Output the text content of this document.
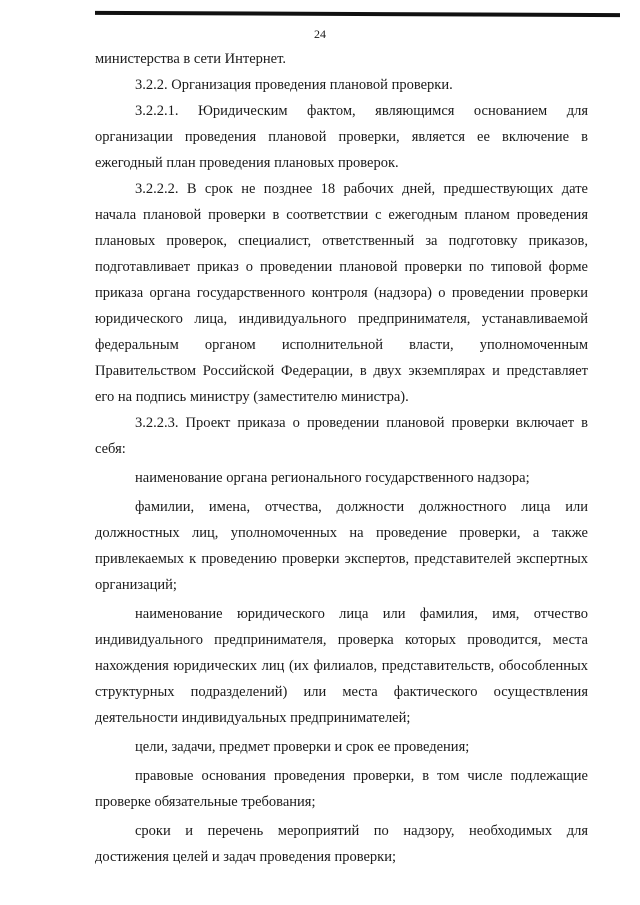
24

министерства в сети Интернет.

3.2.2. Организация проведения плановой проверки.

3.2.2.1. Юридическим фактом, являющимся основанием для организации проведения плановой проверки, является ее включение в ежегодный план проведения плановых проверок.

3.2.2.2. В срок не позднее 18 рабочих дней, предшествующих дате начала плановой проверки в соответствии с ежегодным планом проведения плановых проверок, специалист, ответственный за подготовку приказов, подготавливает приказ о проведении плановой проверки по типовой форме приказа органа государственного контроля (надзора) о проведении проверки юридического лица, индивидуального предпринимателя, устанавливаемой федеральным органом исполнительной власти, уполномоченным Правительством Российской Федерации, в двух экземплярах и представляет его на подпись министру (заместителю министра).

3.2.2.3. Проект приказа о проведении плановой проверки включает в себя:

наименование органа регионального государственного надзора;

фамилии, имена, отчества, должности должностного лица или должностных лиц, уполномоченных на проведение проверки, а также привлекаемых к проведению проверки экспертов, представителей экспертных организаций;

наименование юридического лица или фамилия, имя, отчество индивидуального предпринимателя, проверка которых проводится, места нахождения юридических лиц (их филиалов, представительств, обособленных структурных подразделений) или места фактического осуществления деятельности индивидуальных предпринимателей;

цели, задачи, предмет проверки и срок ее проведения;

правовые основания проведения проверки, в том числе подлежащие проверке обязательные требования;

сроки и перечень мероприятий по надзору, необходимых для достижения целей и задач проведения проверки;
